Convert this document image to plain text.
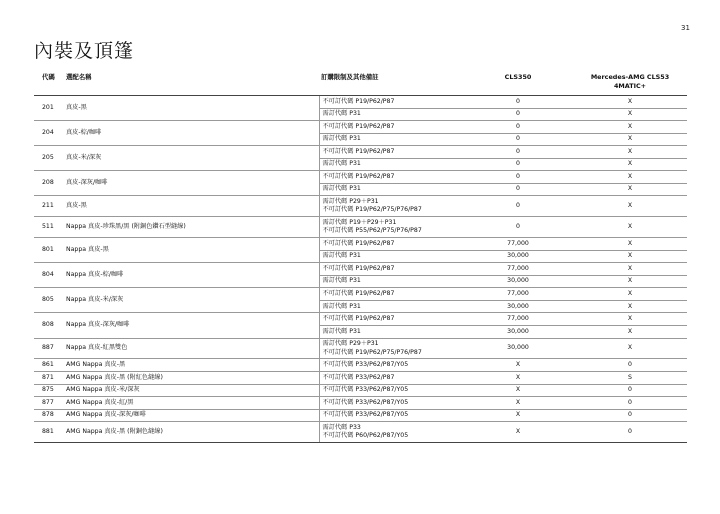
31
內裝及頂篷
代碼	選配名稱	訂購限制及其他備註	CLS350	Mercedes-AMG CLS53
4MATIC+

201	真皮-黑	不可訂代碼 P19/P62/P87	0	X

		需訂代碼 P31	0	X
204	真皮-棕/咖啡	不可訂代碼 P19/P62/P87	0	X

		需訂代碼 P31	0	X
205	真皮-米/深灰	不可訂代碼 P19/P62/P87	0	X

		需訂代碼 P31	0	X
208	真皮-深灰/咖啡	不可訂代碼 P19/P62/P87	0	X

		需訂代碼 P31	0	X
211	真皮-黑	需訂代碼 P29＋P31
不可訂代碼 P19/P62/P75/P76/P87	0	X
511	Nappa 真皮-珍珠黑/黑 (附銅色鑽石型縫線)	需訂代碼 P19＋P29＋P31
不可訂代碼 P55/P62/P75/P76/P87	0	X
801	Nappa 真皮-黑	不可訂代碼 P19/P62/P87	77,000	X

		需訂代碼 P31	30,000	X
804	Nappa 真皮-棕/咖啡	不可訂代碼 P19/P62/P87	77,000	X

		需訂代碼 P31	30,000	X
805	Nappa 真皮-米/深灰	不可訂代碼 P19/P62/P87	77,000	X

		需訂代碼 P31	30,000	X
808	Nappa 真皮-深灰/咖啡	不可訂代碼 P19/P62/P87	77,000	X

		需訂代碼 P31	30,000	X
887	Nappa 真皮-紅黑雙色	需訂代碼 P29＋P31
不可訂代碼 P19/P62/P75/P76/P87	30,000	X
861	AMG Nappa 真皮-黑	不可訂代碼 P33/P62/P87/Y05	X	0
871	AMG Nappa 真皮-黑 (附紅色縫線)	不可訂代碼 P33/P62/P87	X	S
875	AMG Nappa 真皮-米/深灰	不可訂代碼 P33/P62/P87/Y05	X	0
877	AMG Nappa 真皮-紅/黑	不可訂代碼 P33/P62/P87/Y05	X	0
878	AMG Nappa 真皮-深灰/咖啡	不可訂代碼 P33/P62/P87/Y05	X	0
881	AMG Nappa 真皮-黑 (附銅色縫線)	需訂代碼 P33
不可訂代碼 P60/P62/P87/Y05	X	0
